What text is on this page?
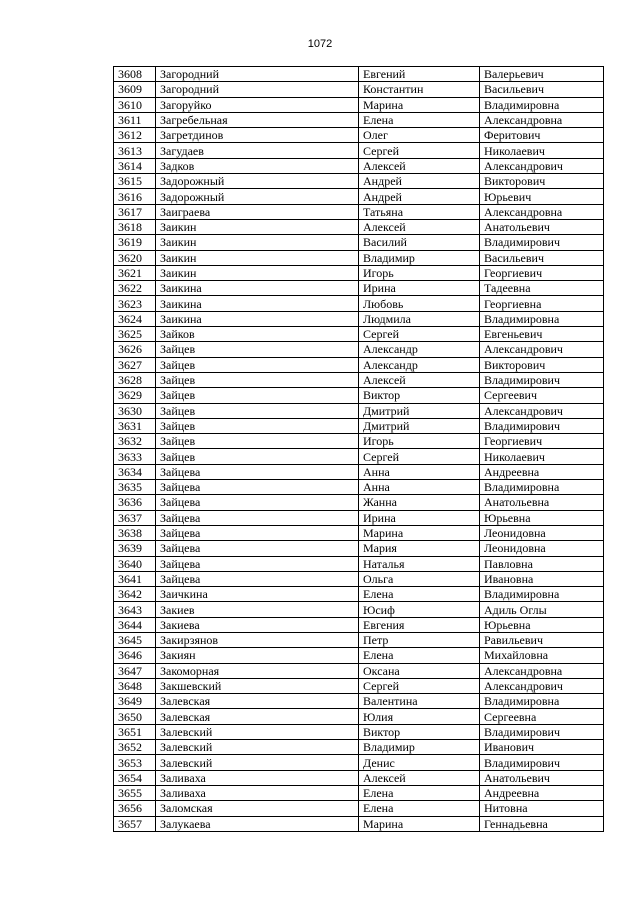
1072
3608	Загородний	Евгений	Валерьевич
3609	Загородний	Константин	Васильевич
3610	Загоруйко	Марина	Владимировна
3611	Загребельная	Елена	Александровна
3612	Загретдинов	Олег	Феритович
3613	Загудаев	Сергей	Николаевич
3614	Задков	Алексей	Александрович
3615	Задорожный	Андрей	Викторович
3616	Задорожный	Андрей	Юрьевич
3617	Заиграева	Татьяна	Александровна
3618	Заикин	Алексей	Анатольевич
3619	Заикин	Василий	Владимирович
3620	Заикин	Владимир	Васильевич
3621	Заикин	Игорь	Георгиевич
3622	Заикина	Ирина	Тадеевна
3623	Заикина	Любовь	Георгиевна
3624	Заикина	Людмила	Владимировна
3625	Зайков	Сергей	Евгеньевич
3626	Зайцев	Александр	Александрович
3627	Зайцев	Александр	Викторович
3628	Зайцев	Алексей	Владимирович
3629	Зайцев	Виктор	Сергеевич
3630	Зайцев	Дмитрий	Александрович
3631	Зайцев	Дмитрий	Владимирович
3632	Зайцев	Игорь	Георгиевич
3633	Зайцев	Сергей	Николаевич
3634	Зайцева	Анна	Андреевна
3635	Зайцева	Анна	Владимировна
3636	Зайцева	Жанна	Анатольевна
3637	Зайцева	Ирина	Юрьевна
3638	Зайцева	Марина	Леонидовна
3639	Зайцева	Мария	Леонидовна
3640	Зайцева	Наталья	Павловна
3641	Зайцева	Ольга	Ивановна
3642	Заичкина	Елена	Владимировна
3643	Закиев	Юсиф	Адиль Оглы
3644	Закиева	Евгения	Юрьевна
3645	Закирзянов	Петр	Равильевич
3646	Закиян	Елена	Михайловна
3647	Закоморная	Оксана	Александровна
3648	Закшевский	Сергей	Александрович
3649	Залевская	Валентина	Владимировна
3650	Залевская	Юлия	Сергеевна
3651	Залевский	Виктор	Владимирович
3652	Залевский	Владимир	Иванович
3653	Залевский	Денис	Владимирович
3654	Заливаха	Алексей	Анатольевич
3655	Заливаха	Елена	Андреевна
3656	Заломская	Елена	Нитовна
3657	Залукаева	Марина	Геннадьевна
